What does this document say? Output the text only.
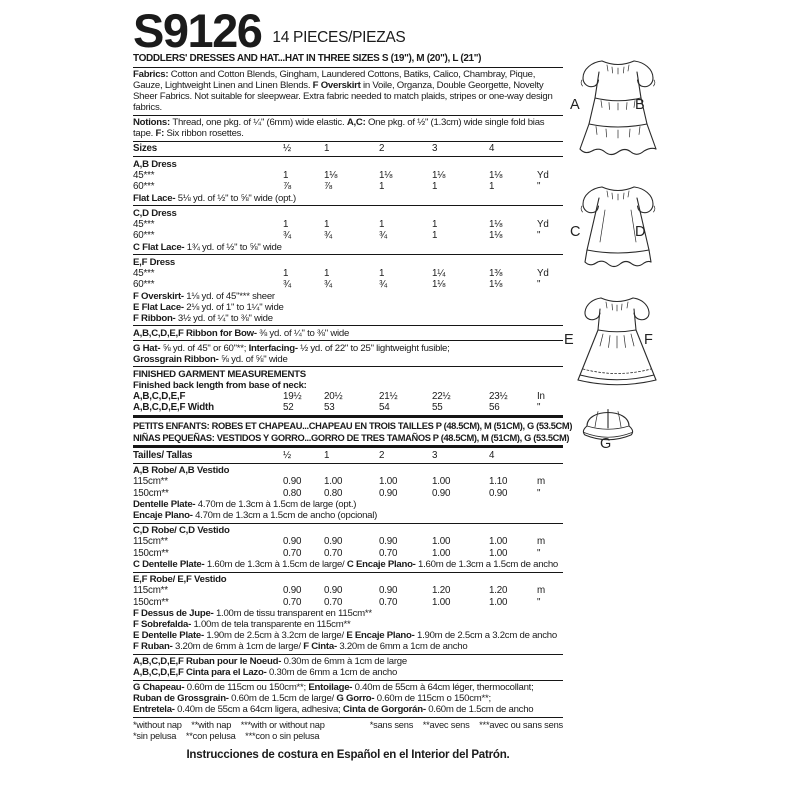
S9126 14 PIECES/PIEZAS
TODDLERS' DRESSES AND HAT...HAT IN THREE SIZES S (19"), M (20"), L (21")
Fabrics: Cotton and Cotton Blends, Gingham, Laundered Cottons, Batiks, Calico, Chambray, Pique, Gauze, Lightweight Linen and Linen Blends. F Overskirt in Voile, Organza, Double Georgette, Novelty Sheer Fabrics. Not suitable for sleepwear. Extra fabric needed to match plaids, stripes or one-way design fabrics.
Notions: Thread, one pkg. of ¼" (6mm) wide elastic. A,C: One pkg. of ½" (1.3cm) wide single fold bias tape. F: Six ribbon rosettes.
Sizes	½	1	2	3	4
A,B Dress
45***	1	1⅛	1⅛	1⅛	1⅛	Yd
60***	⅞	⅞	1	1	1	"
Flat Lace- 5⅛ yd. of ½" to ⅝" wide (opt.)
C,D Dress
45***	1	1	1	1	1⅛	Yd
60***	¾	¾	¾	1	1⅛	"
C Flat Lace- 1¾ yd. of ½" to ⅝" wide
E,F Dress
45***	1	1	1	1¼	1⅜	Yd
60***	¾	¾	¾	1⅛	1⅛	"
F Overskirt- 1⅛ yd. of 45"*** sheer
E Flat Lace- 2⅛ yd. of 1" to 1¼" wide
F Ribbon- 3½ yd. of ¼" to ⅜" wide
A,B,C,D,E,F Ribbon for Bow- ⅜ yd. of ¼" to ⅜" wide
G Hat- ⅝ yd. of 45" or 60"**; Interfacing- ½ yd. of 22" to 25" lightweight fusible;
Grossgrain Ribbon- ⅝ yd. of ⅝" wide
FINISHED GARMENT MEASUREMENTS
Finished back length from base of neck:
A,B,C,D,E,F	19½	20½	21½	22½	23½	In
A,B,C,D,E,F Width	52	53	54	55	56	"
PETITS ENFANTS: ROBES ET CHAPEAU...CHAPEAU EN TROIS TAILLES P (48.5CM), M (51CM), G (53.5CM)
NIÑAS PEQUEÑAS: VESTIDOS Y GORRO...GORRO DE TRES TAMAÑOS P (48.5CM), M (51CM), G (53.5CM)
Tailles/ Tallas	½	1	2	3	4
A,B Robe/ A,B Vestido
115cm**	0.90	1.00	1.00	1.00	1.10	m
150cm**	0.80	0.80	0.90	0.90	0.90	"
Dentelle Plate- 4.70m de 1.3cm à 1.5cm de large (opt.)
Encaje Plano- 4.70m de 1.3cm a 1.5cm de ancho (opcional)
C,D Robe/ C,D Vestido
115cm**	0.90	0.90	0.90	1.00	1.00	m
150cm**	0.70	0.70	0.70	1.00	1.00	"
C Dentelle Plate- 1.60m de 1.3cm à 1.5cm de large/ C Encaje Plano- 1.60m de 1.3cm a 1.5cm de ancho
E,F Robe/ E,F Vestido
115cm**	0.90	0.90	0.90	1.20	1.20	m
150cm**	0.70	0.70	0.70	1.00	1.00	"
F Dessus de Jupe- 1.00m de tissu transparent en 115cm**
F Sobrefalda- 1.00m de tela transparente en 115cm**
E Dentelle Plate- 1.90m de 2.5cm à 3.2cm de large/ E Encaje Plano- 1.90m de 2.5cm a 3.2cm de ancho
F Ruban- 3.20m de 6mm à 1cm de large/ F Cinta- 3.20m de 6mm a 1cm de ancho
A,B,C,D,E,F Ruban pour le Noeud- 0.30m de 6mm à 1cm de large
A,B,C,D,E,F Cinta para el Lazo- 0.30m de 6mm a 1cm de ancho
G Chapeau- 0.60m de 115cm ou 150cm**; Entoilage- 0.40m de 55cm à 64cm léger, thermocollant;
Ruban de Grossgrain- 0.60m de 1.5cm de large/ G Gorro- 0.60m de 115cm o 150cm**;
Entretela- 0.40m de 55cm a 64cm ligera, adhesiva; Cinta de Gorgorán- 0.60m de 1.5cm de ancho
*without nap    **with nap    ***with or without nap
*sin pelusa    **con pelusa    ***con o sin pelusa
*sans sens    **avec sens    ***avec ou sans sens
Instrucciones de costura en Español en el Interior del Patrón.
A	B
C	D
E	F
G
